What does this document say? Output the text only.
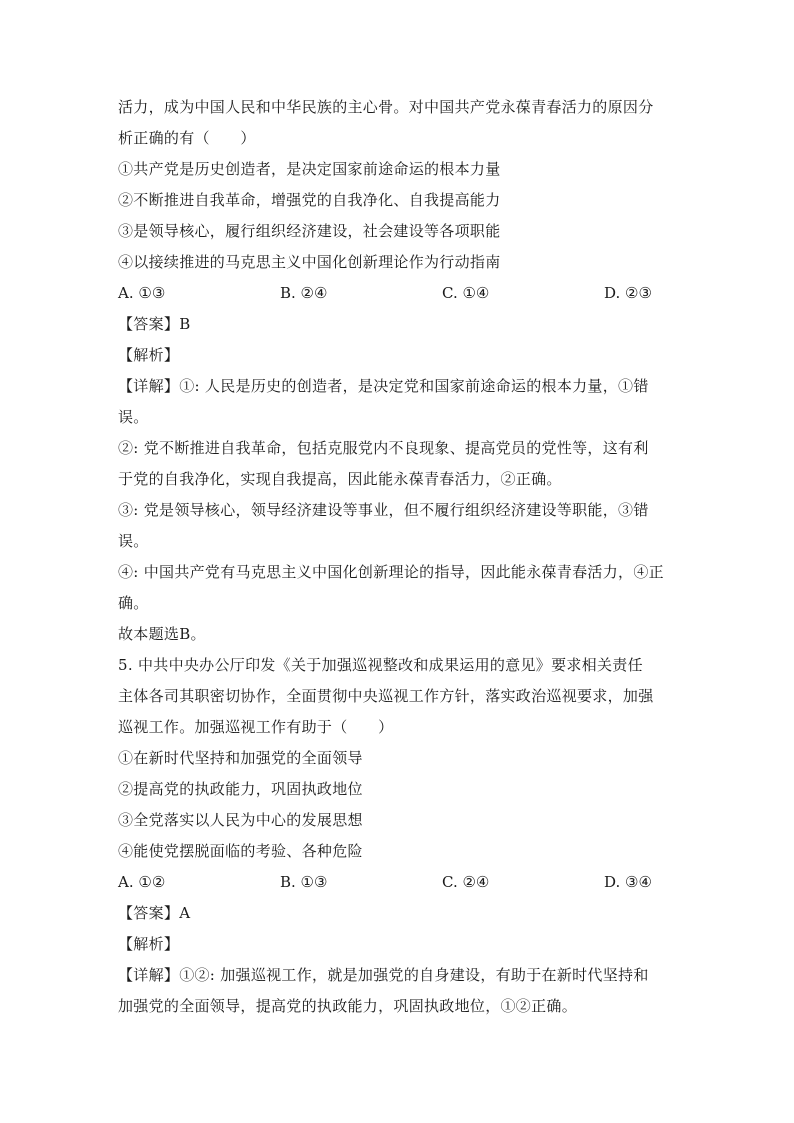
活力，成为中国人民和中华民族的主心骨。对中国共产党永葆青春活力的原因分
析正确的有（　　）
①共产党是历史创造者，是决定国家前途命运的根本力量
②不断推进自我革命，增强党的自我净化、自我提高能力
③是领导核心，履行组织经济建设，社会建设等各项职能
④以接续推进的马克思主义中国化创新理论作为行动指南
A. ①③	B. ②④	C. ①④	D. ②③
【答案】B
【解析】
【详解】①: 人民是历史的创造者，是决定党和国家前途命运的根本力量，①错
误。
②: 党不断推进自我革命，包括克服党内不良现象、提高党员的党性等，这有利
于党的自我净化，实现自我提高，因此能永葆青春活力，②正确。
③: 党是领导核心，领导经济建设等事业，但不履行组织经济建设等职能，③错
误。
④: 中国共产党有马克思主义中国化创新理论的指导，因此能永葆青春活力，④正
确。
故本题选B。
5. 中共中央办公厅印发《关于加强巡视整改和成果运用的意见》要求相关责任
主体各司其职密切协作，全面贯彻中央巡视工作方针，落实政治巡视要求，加强
巡视工作。加强巡视工作有助于（　　）
①在新时代坚持和加强党的全面领导
②提高党的执政能力，巩固执政地位
③全党落实以人民为中心的发展思想
④能使党摆脱面临的考验、各种危险
A. ①②	B. ①③	C. ②④	D. ③④
【答案】A
【解析】
【详解】①②: 加强巡视工作，就是加强党的自身建设，有助于在新时代坚持和
加强党的全面领导，提高党的执政能力，巩固执政地位，①②正确。
